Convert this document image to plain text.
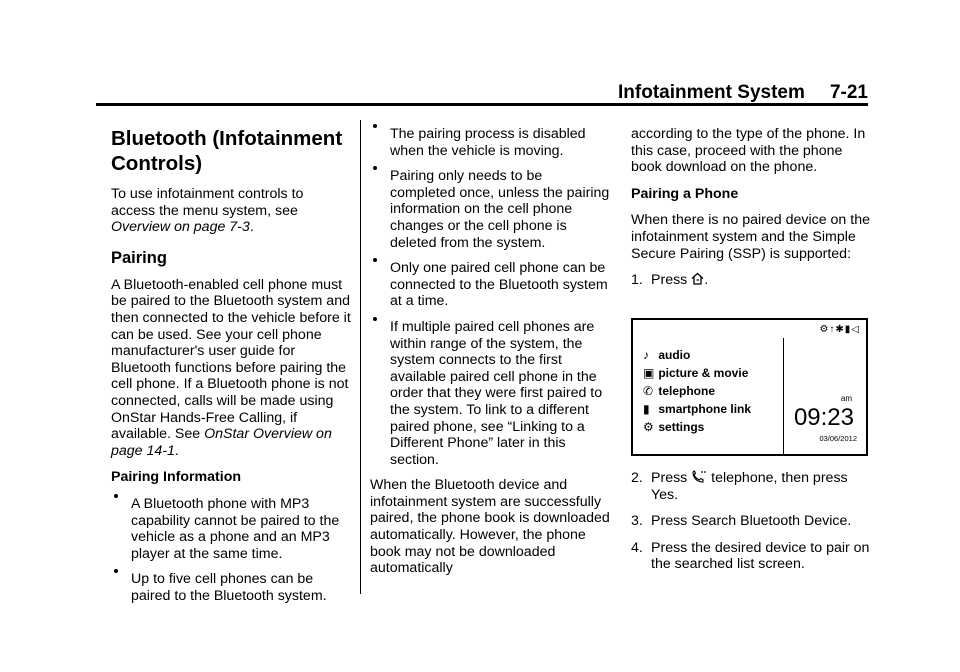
Infotainment System 7-21
Bluetooth (Infotainment Controls)

To use infotainment controls to access the menu system, see Overview on page 7-3.

Pairing

A Bluetooth-enabled cell phone must be paired to the Bluetooth system and then connected to the vehicle before it can be used. See your cell phone manufacturer's user guide for Bluetooth functions before pairing the cell phone. If a Bluetooth phone is not connected, calls will be made using OnStar Hands-Free Calling, if available. See OnStar Overview on page 14-1.

Pairing Information
A Bluetooth phone with MP3 capability cannot be paired to the vehicle as a phone and an MP3 player at the same time.
Up to five cell phones can be paired to the Bluetooth system.
The pairing process is disabled when the vehicle is moving.
Pairing only needs to be completed once, unless the pairing information on the cell phone changes or the cell phone is deleted from the system.
Only one paired cell phone can be connected to the Bluetooth system at a time.
If multiple paired cell phones are within range of the system, the system connects to the first available paired cell phone in the order that they were first paired to the system. To link to a different paired phone, see “Linking to a Different Phone” later in this section.

When the Bluetooth device and infotainment system are successfully paired, the phone book is downloaded automatically. However, the phone book may not be downloaded automatically

according to the type of the phone. In this case, proceed with the phone book download on the phone.

Pairing a Phone

When there is no paired device on the infotainment system and the Simple Secure Pairing (SSP) is supported:

1. Press .
⚙↑✱▮◁
♪ audio
▣ picture & movie
✆ telephone
▮ smartphone link
⚙ settings
am
09:23
03/06/2012
2. Press telephone, then press Yes.
3. Press Search Bluetooth Device.
4. Press the desired device to pair on the searched list screen.
